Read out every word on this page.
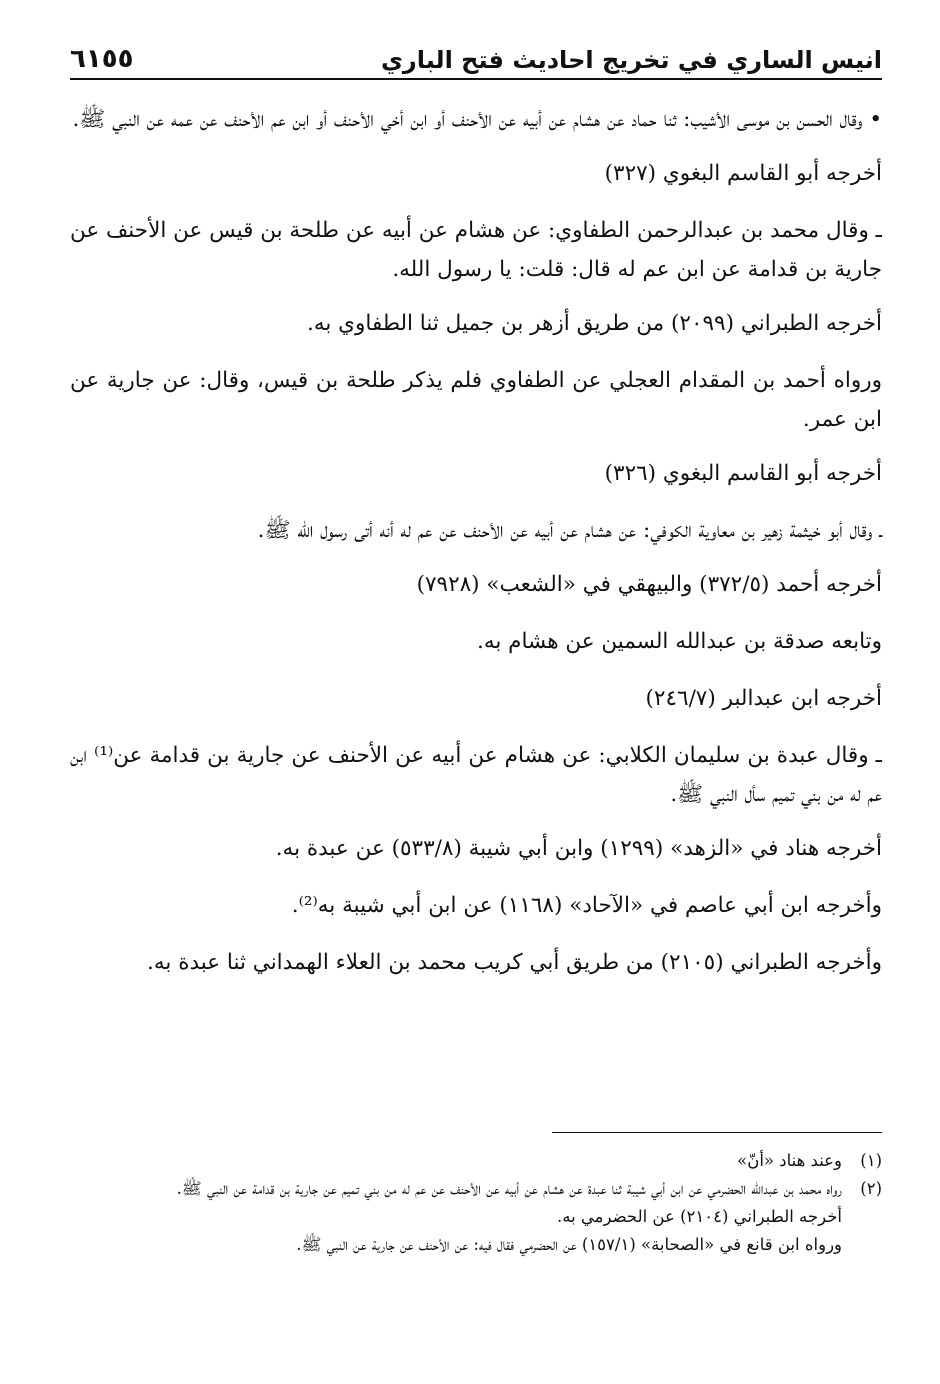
انيس الساري في تخريج احاديث فتح الباري
٦١٥٥

• وقال الحسن بن موسى الأشيب: ثنا حماد عن هشام عن أبيه عن الأحنف أو ابن أخي الأحنف أو ابن عم الأحنف عن عمه عن النبي ﷺ.

أخرجه أبو القاسم البغوي (٣٢٧)

ـ وقال محمد بن عبدالرحمن الطفاوي: عن هشام عن أبيه عن طلحة بن قيس عن الأحنف عن جارية بن قدامة عن ابن عم له قال: قلت: يا رسول الله.

أخرجه الطبراني (٢٠٩٩) من طريق أزهر بن جميل ثنا الطفاوي به.

ورواه أحمد بن المقدام العجلي عن الطفاوي فلم يذكر طلحة بن قيس، وقال: عن جارية عن ابن عمر.

أخرجه أبو القاسم البغوي (٣٢٦)

ـ وقال أبو خيثمة زهير بن معاوية الكوفي: عن هشام عن أبيه عن الأحنف عن عم له أنه أتى رسول الله ﷺ.

أخرجه أحمد (٣٧٢/٥) والبيهقي في «الشعب» (٧٩٢٨)

وتابعه صدقة بن عبدالله السمين عن هشام به.

أخرجه ابن عبدالبر (٢٤٦/٧)

ـ وقال عبدة بن سليمان الكلابي: عن هشام عن أبيه عن الأحنف عن جارية بن قدامة عن⁽¹⁾ ابن عم له من بني تميم سأل النبي ﷺ.

أخرجه هناد في «الزهد» (١٢٩٩) وابن أبي شيبة (٥٣٣/٨) عن عبدة به.

وأخرجه ابن أبي عاصم في «الآحاد» (١١٦٨) عن ابن أبي شيبة به⁽²⁾.

وأخرجه الطبراني (٢١٠٥) من طريق أبي كريب محمد بن العلاء الهمداني ثنا عبدة به.

(١)
وعند هناد «أنّ»
(٢)
رواه محمد بن عبدالله الحضرمي عن ابن أبي شيبة ثنا عبدة عن هشام عن أبيه عن الأحنف عن عم له من بني تميم عن جارية بن قدامة عن النبي ﷺ.
أخرجه الطبراني (٢١٠٤) عن الحضرمي به.
ورواه ابن قانع في «الصحابة» (١٥٧/١) عن الحضرمي فقال فيه: عن الأحنف عن جارية عن النبي ﷺ.
